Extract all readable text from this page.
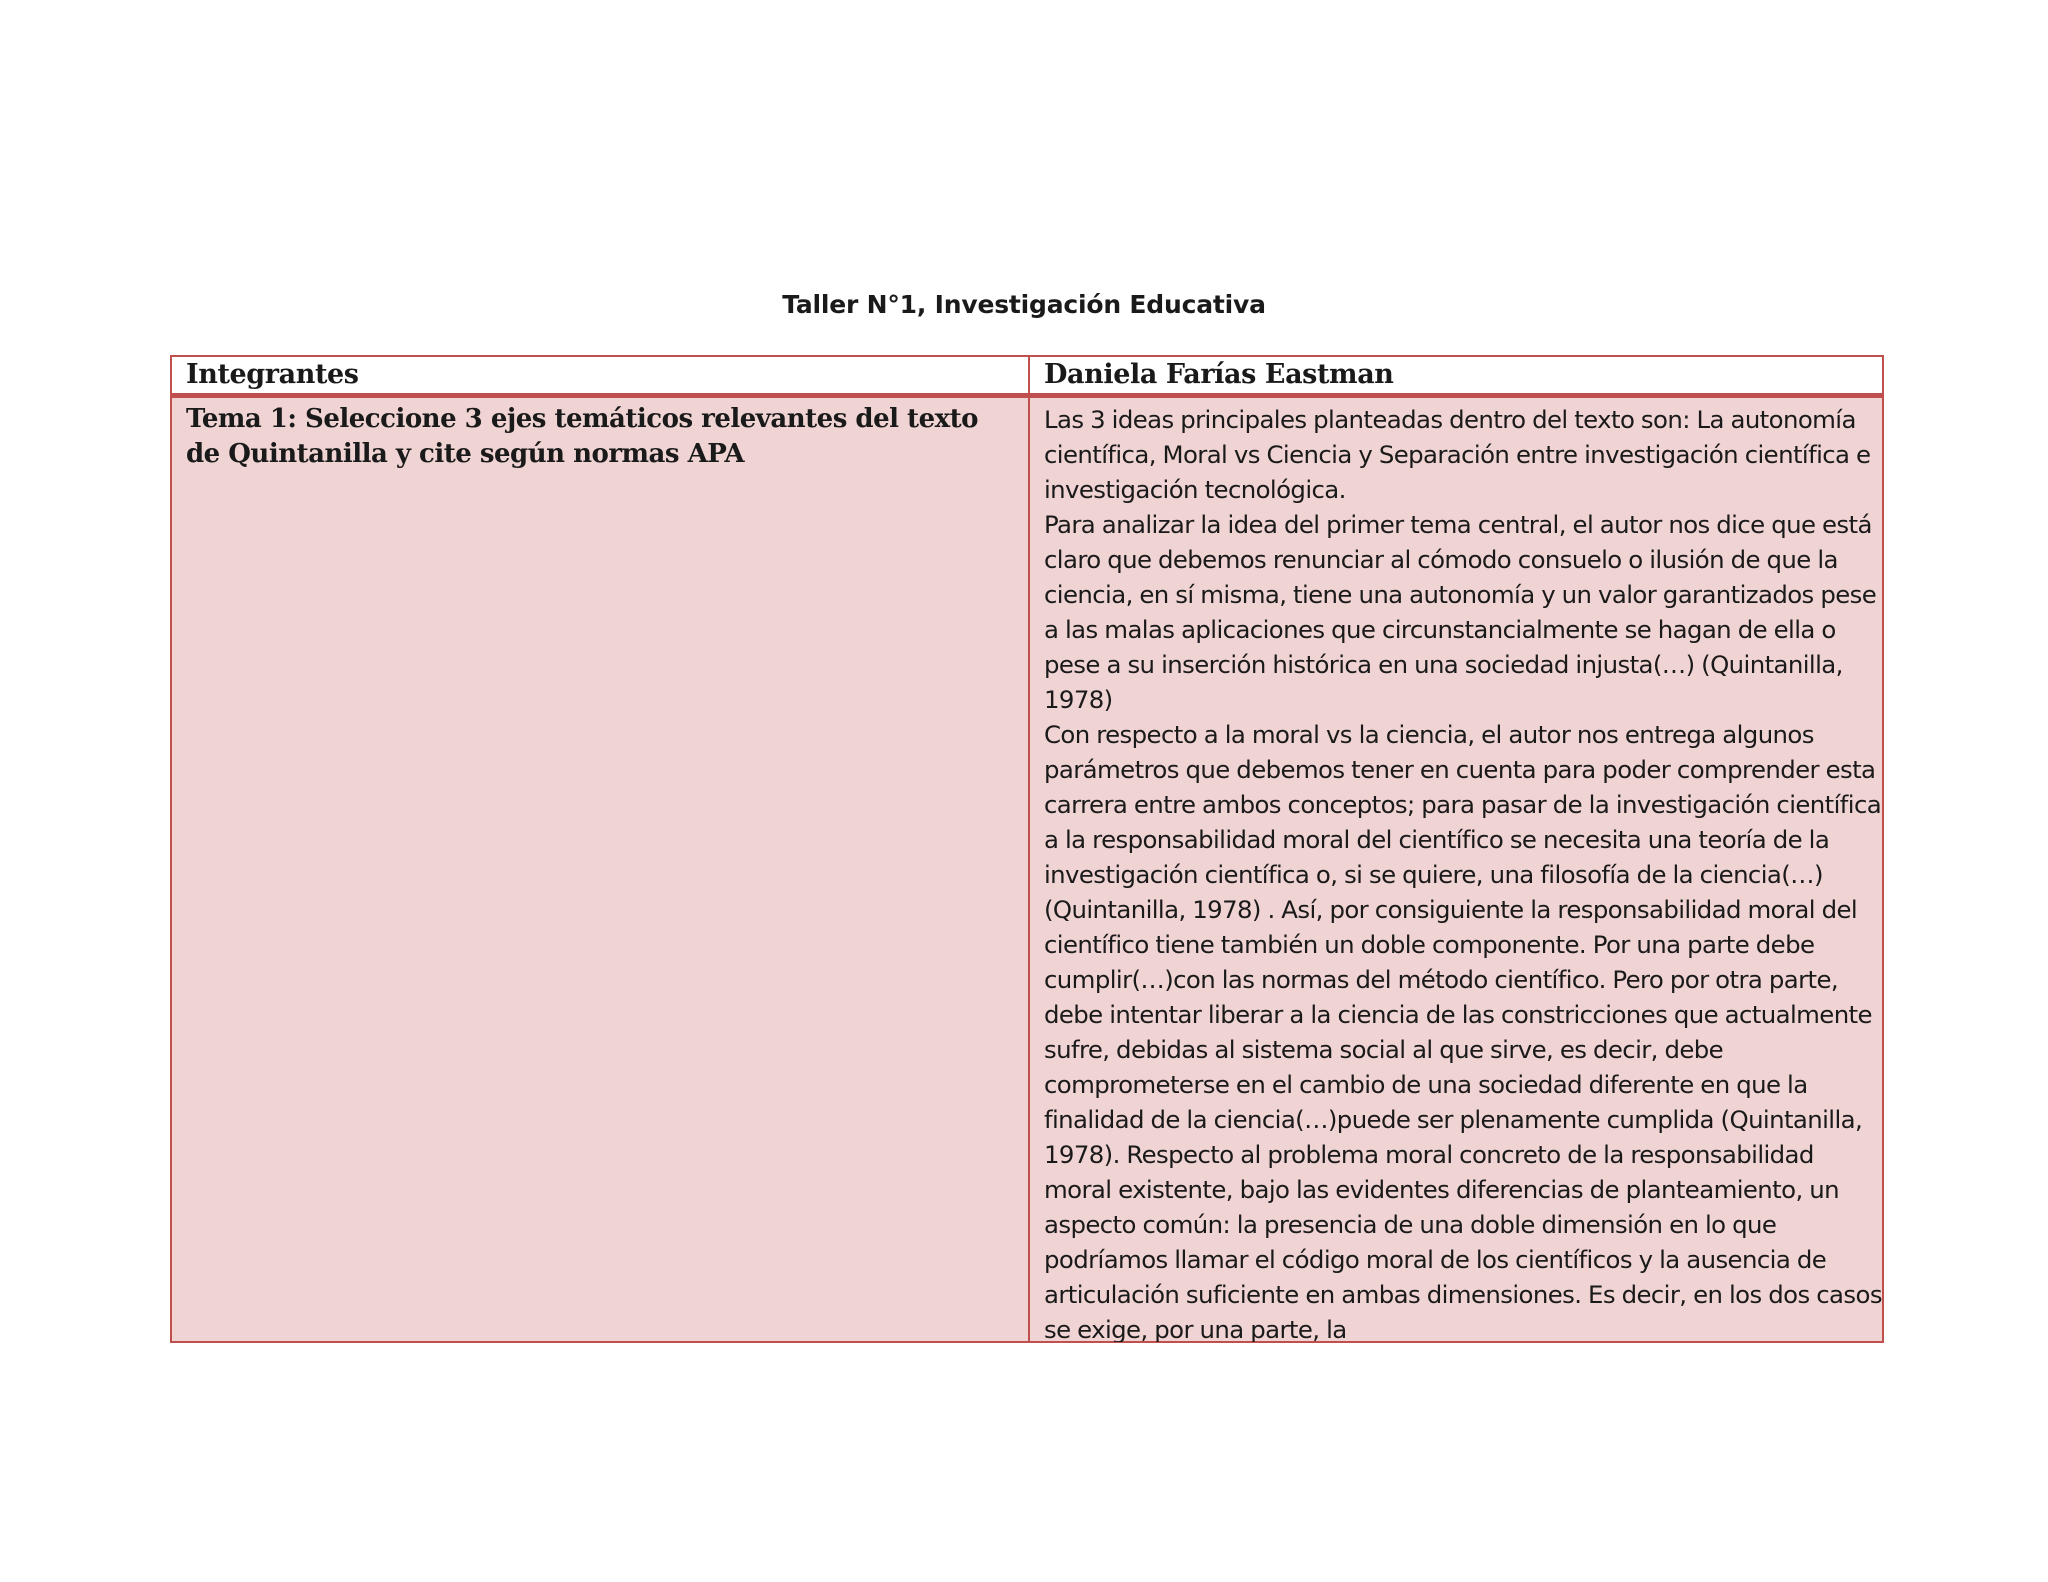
Taller N°1, Investigación Educativa
Integrantes	Daniela Farías Eastman
Tema 1: Seleccione 3 ejes temáticos relevantes del texto de Quintanilla y cite según normas APA

Las 3 ideas principales planteadas dentro del texto son: La autonomía científica, Moral vs Ciencia y Separación entre investigación científica e investigación tecnológica.

Para analizar la idea del primer tema central, el autor nos dice que está claro que debemos renunciar al cómodo consuelo o ilusión de que la ciencia, en sí misma, tiene una autonomía y un valor garantizados pese a las malas aplicaciones que circunstancialmente se hagan de ella o pese a su inserción histórica en una sociedad injusta(…) (Quintanilla, 1978)

Con respecto a la moral vs la ciencia, el autor nos entrega algunos parámetros que debemos tener en cuenta para poder comprender esta carrera entre ambos conceptos; para pasar de la investigación científica a la responsabilidad moral del científico se necesita una teoría de la investigación científica o, si se quiere, una filosofía de la ciencia(…) (Quintanilla, 1978) . Así, por consiguiente la responsabilidad moral del científico tiene también un doble componente. Por una parte debe cumplir(…)con las normas del método científico. Pero por otra parte, debe intentar liberar a la ciencia de las constricciones que actualmente sufre, debidas al sistema social al que sirve, es decir, debe comprometerse en el cambio de una sociedad diferente en que la finalidad de la ciencia(…)puede ser plenamente cumplida (Quintanilla, 1978). Respecto al problema moral concreto de la responsabilidad moral existente, bajo las evidentes diferencias de planteamiento, un aspecto común: la presencia de una doble dimensión en lo que podríamos llamar el código moral de los científicos y la ausencia de articulación suficiente en ambas dimensiones. Es decir, en los dos casos se exige, por una parte, la
